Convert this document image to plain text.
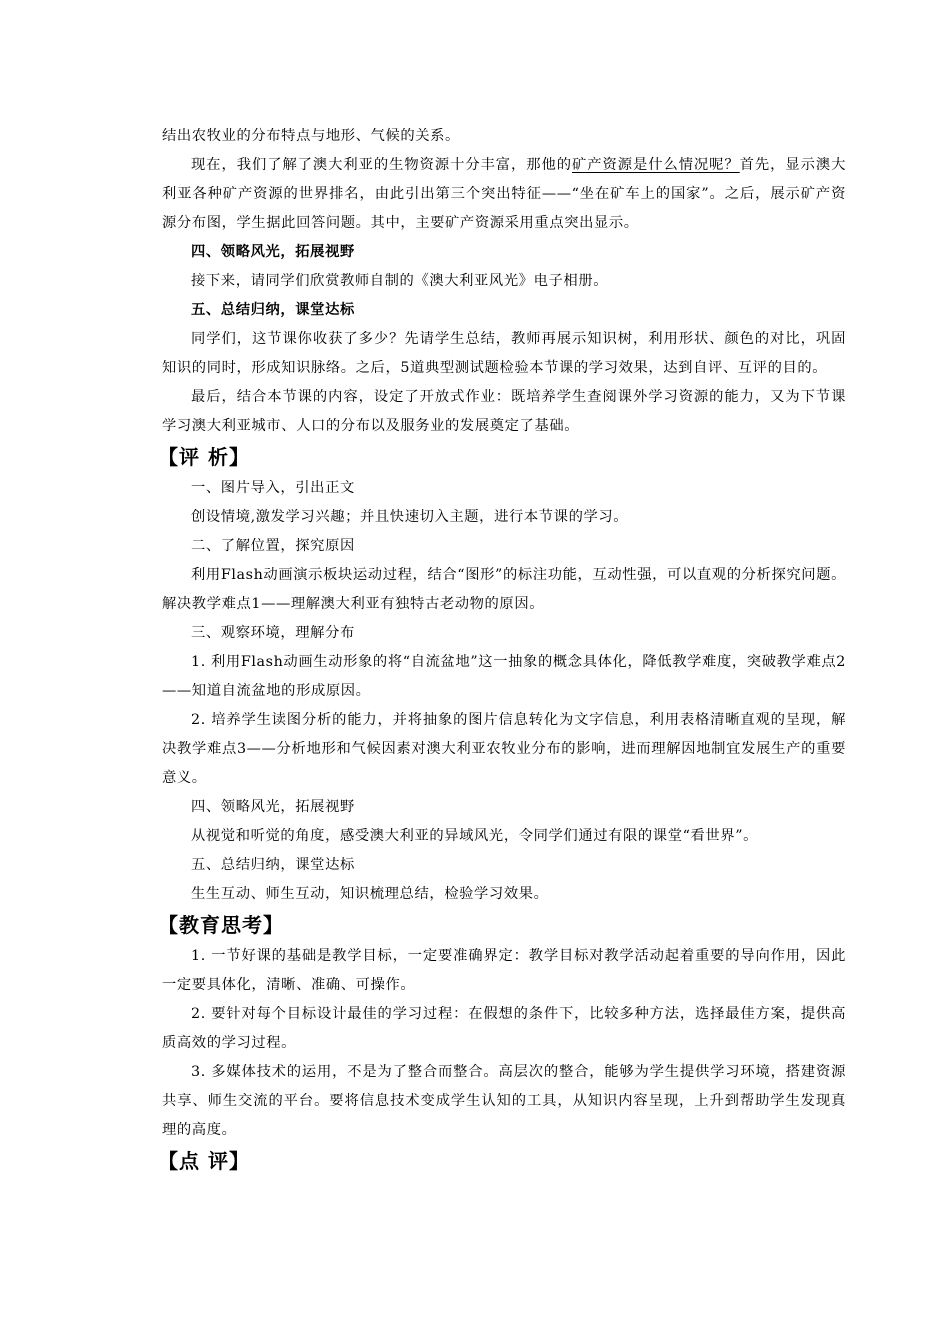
结出农牧业的分布特点与地形、气候的关系。

现在，我们了解了澳大利亚的生物资源十分丰富，那他的矿产资源是什么情况呢？首先，显示澳大利亚各种矿产资源的世界排名，由此引出第三个突出特征——“坐在矿车上的国家”。之后，展示矿产资源分布图，学生据此回答问题。其中，主要矿产资源采用重点突出显示。

四、领略风光，拓展视野

接下来，请同学们欣赏教师自制的《澳大利亚风光》电子相册。

五、总结归纳，课堂达标

同学们，这节课你收获了多少？先请学生总结，教师再展示知识树，利用形状、颜色的对比，巩固知识的同时，形成知识脉络。之后，5道典型测试题检验本节课的学习效果，达到自评、互评的目的。

最后，结合本节课的内容，设定了开放式作业：既培养学生查阅课外学习资源的能力，又为下节课学习澳大利亚城市、人口的分布以及服务业的发展奠定了基础。

【评 析】

一、图片导入，引出正文

创设情境,激发学习兴趣；并且快速切入主题，进行本节课的学习。

二、了解位置，探究原因

利用Flash动画演示板块运动过程，结合“图形”的标注功能，互动性强，可以直观的分析探究问题。解决教学难点1——理解澳大利亚有独特古老动物的原因。

三、观察环境，理解分布

1. 利用Flash动画生动形象的将“自流盆地”这一抽象的概念具体化，降低教学难度，突破教学难点2——知道自流盆地的形成原因。

2. 培养学生读图分析的能力，并将抽象的图片信息转化为文字信息，利用表格清晰直观的呈现，解决教学难点3——分析地形和气候因素对澳大利亚农牧业分布的影响，进而理解因地制宜发展生产的重要意义。

四、领略风光，拓展视野

从视觉和听觉的角度，感受澳大利亚的异域风光，令同学们通过有限的课堂“看世界”。

五、总结归纳，课堂达标

生生互动、师生互动，知识梳理总结，检验学习效果。

【教育思考】

1. 一节好课的基础是教学目标，一定要准确界定：教学目标对教学活动起着重要的导向作用，因此一定要具体化，清晰、准确、可操作。

2. 要针对每个目标设计最佳的学习过程：在假想的条件下，比较多种方法，选择最佳方案，提供高质高效的学习过程。

3. 多媒体技术的运用，不是为了整合而整合。高层次的整合，能够为学生提供学习环境，搭建资源共享、师生交流的平台。要将信息技术变成学生认知的工具，从知识内容呈现，上升到帮助学生发现真理的高度。

【点 评】
